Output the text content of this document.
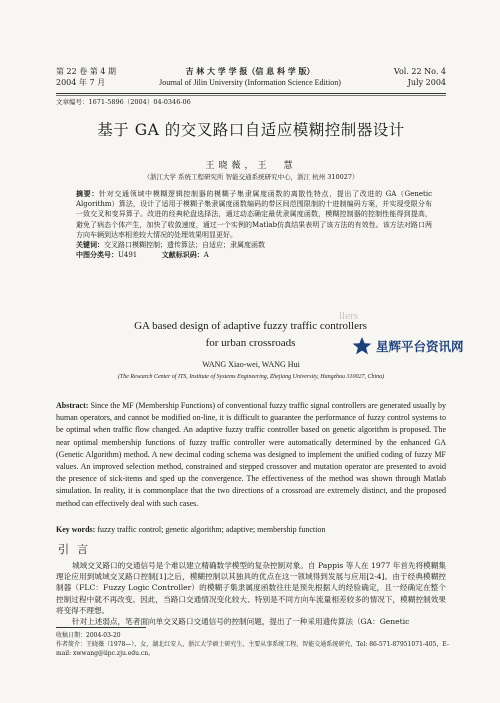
第 22 卷 第 4 期
2004 年 7 月
吉 林 大 学 学 报（信 息 科 学 版）
Journal of Jilin University (Information Science Edition)
Vol. 22 No. 4
July 2004
文章编号：1671-5896（2004）04-0346-06
基于 GA 的交叉路口自适应模糊控制器设计
王晓薇，王　慧
（浙江大学 系统工程研究所 智能交通系统研究中心，浙江 杭州 310027）
摘要：针对交通领域中模糊逻辑控制器的模糊子集隶属度函数的离散性特点，提出了改进的 GA（Genetic Algorithm）算法，设计了适用于模糊子集隶属度函数编码的带区间范围限制的十进制编码方案，并实现受限分布一致交叉和变异算子。改进的经典轮盘选择法，通过动态确定最优隶属度函数，模糊控制器的控制性能得到提高，避免了病态个体产生，加快了收敛速度，通过一个实例的Matlab仿真结果表明了该方法的有效性。该方法对路口两方向车辆到达率相差较大情况的处理效果明显更好。
关键词：交叉路口模糊控制；遗传算法；自适应；隶属度函数
中图分类号：U491	文献标识码：A
GA based design of adaptive fuzzy traffic controllers
for urban crossroads
WANG Xiao-wei, WANG Hui
(The Research Center of ITS, Institute of Systems Engineering, Zhejiang University, Hangzhou 310027, China)
Abstract: Since the MF (Membership Functions) of conventional fuzzy traffic signal controllers are generated usually by human operators, and cannot be modified on-line, it is difficult to guarantee the performance of fuzzy control systems to be optimal when traffic flow changed. An adaptive fuzzy traffic controller based on genetic algorithm is proposed. The near optimal membership functions of fuzzy traffic controller were automatically determined by the enhanced GA (Genetic Algorithm) method. A new decimal coding schema was designed to implement the unified coding of fuzzy MF values. An improved selection method, constrained and stepped crossover and mutation operator are presented to avoid the presence of sick-items and sped up the convergence. The effectiveness of the method was shown through Matlab simulation. In reality, it is commonplace that the two directions of a crossroad are extremely distinct, and the proposed method can effectively deal with such cases.
Key words: fuzzy traffic control; genetic algorithm; adaptive; membership function
引言
城域交叉路口的交通信号是个难以建立精确数学模型的复杂控制对象。自 Pappis 等人在 1977 年首先将模糊集理论应用到城域交叉路口控制[1]之后，模糊控制以其独具的优点在这一领域得到发展与应用[2-4]。由于经典模糊控制器（FLC：Fuzzy Logic Controller）的模糊子集隶属度函数往往是预先根据人的经验确定，且一经确定在整个控制过程中就不再改变。因此，当路口交通情况变化较大、特别是不同方向车流量相差较多的情况下，模糊控制效果将变得不理想。
针对上述弱点，笔者面向单交叉路口交通信号的控制问题，提出了一种采用遗传算法（GA：Genetic
收稿日期：2004-03-20
作者简介：王晓薇（1978—），女，湖北红安人，浙江大学硕士研究生，主要从事系统工程、智能交通系统研究，Tel: 86-571-87951071-405，E-mail: xwwang@iipc.zju.edu.cn。
llers
星辉平台资讯网
